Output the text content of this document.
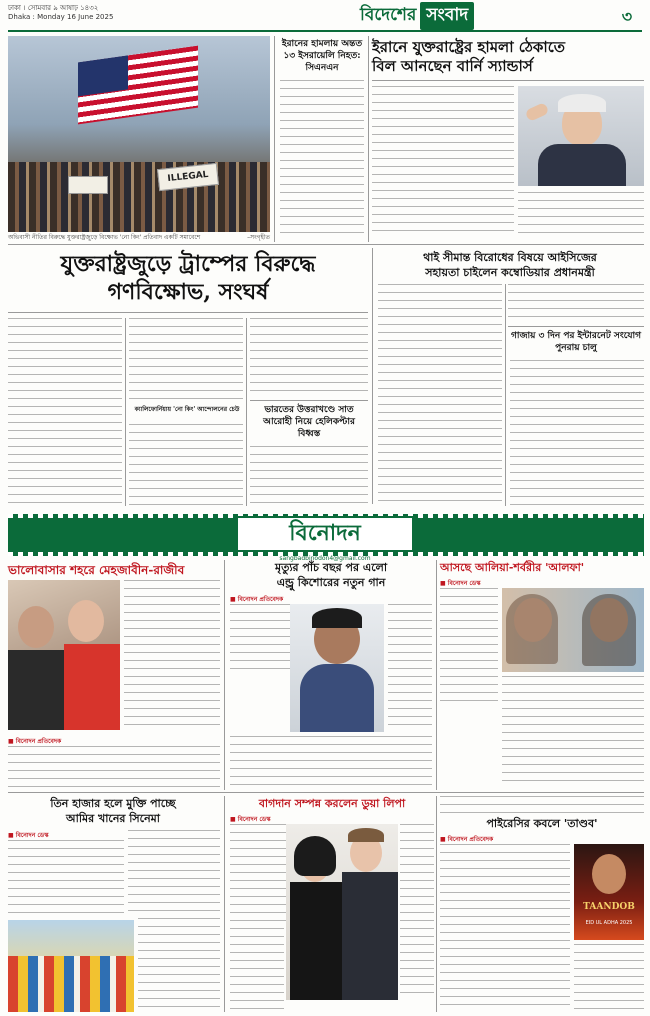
ঢাকা । সোমবার ৯ আষাঢ় ১৪৩২
Dhaka : Monday 16 June 2025	বিদেশের সংবাদ	৩
ILLEGAL
অভিবাসী নীতির বিরুদ্ধে যুক্তরাষ্ট্রজুড়ে বিক্ষোভ 'নো কিং' প্রতিবাদ একটি সমাবেশে	–সংগৃহীত
ইরানের হামলায় অন্তত ১৩ ইসরায়েলি নিহত: সিএনএন
ইরানে যুক্তরাষ্ট্রের হামলা ঠেকাতে
বিল আনছেন বার্নি স্যান্ডার্স
যুক্তরাষ্ট্রজুড়ে ট্রাম্পের বিরুদ্ধে
গণবিক্ষোভ, সংঘর্ষ
থাই সীমান্ত বিরোধের বিষয়ে আইসিজের
সহায়তা চাইলেন কম্বোডিয়ার প্রধানমন্ত্রী
গাজায় ৩ দিন পর ইন্টারনেট সংযোগ পুনরায় চালু
ক্যালিফোর্নিয়ায় 'নো কিং' আন্দোলনের চেউ	ভারতের উত্তরাখণ্ডে সাত আরোহী নিয়ে হেলিকপ্টার বিধ্বস্ত
বিনোদন
sangbadbinodon4@gmail.com
ভালোবাসার শহরে মেহজাবীন-রাজীব
■ বিনোদন প্রতিবেদক
মৃত্যুর পাঁচ বছর পর এলো
এন্ড্রু কিশোরের নতুন গান
■ বিনোদন প্রতিবেদক
আসছে আলিয়া-শর্বরীর 'আলফা'
■ বিনোদন ডেস্ক
তিন হাজার হলে মুক্তি পাচ্ছে
আমির খানের সিনেমা
■ বিনোদন ডেস্ক
বাগদান সম্পন্ন করলেন ডুয়া লিপা
■ বিনোদন ডেস্ক	পাইরেসির কবলে 'তাণ্ডব'
■ বিনোদন প্রতিবেদক
TAANDOB
EID UL ADHA 2025
